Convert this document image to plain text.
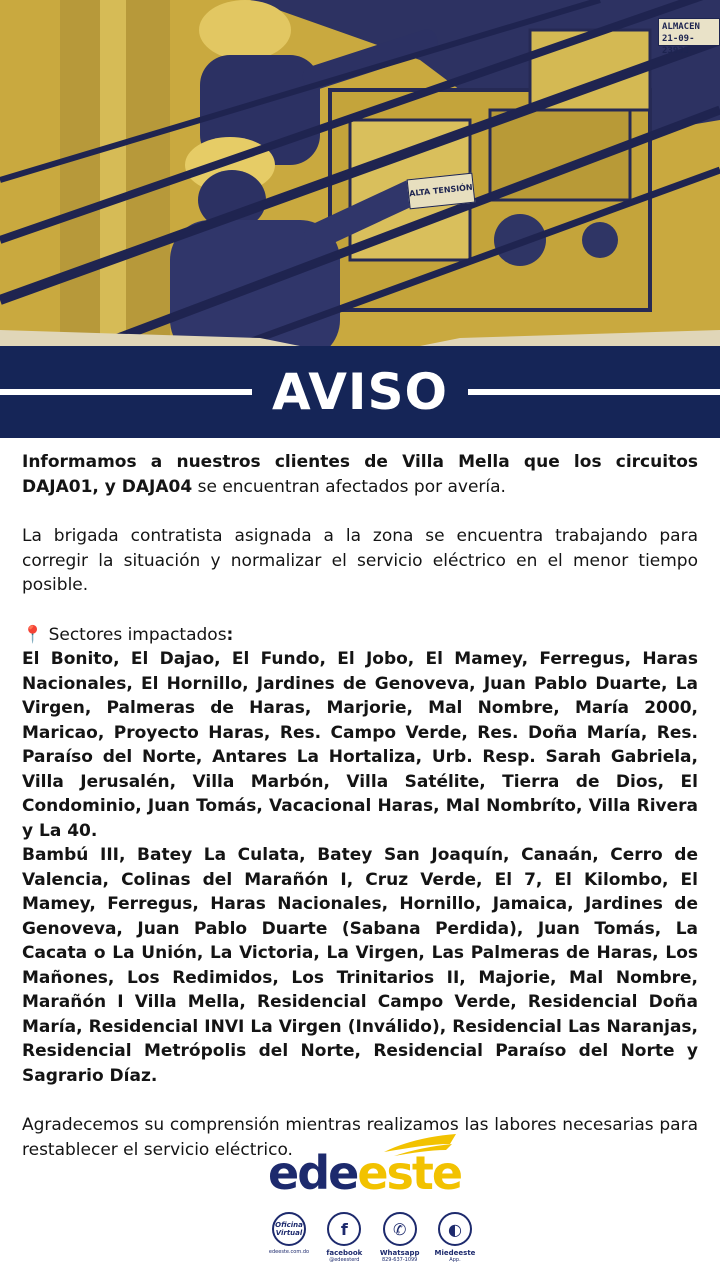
ALMACEN
21-09-23933
ALTA TENSIÓN
AVISO

Informamos a nuestros clientes de Villa Mella que los circuitos DAJA01, y DAJA04 se encuentran afectados por avería.

La brigada contratista asignada a la zona se encuentra trabajando para corregir la situación y normalizar el servicio eléctrico en el menor tiempo posible.

📍 Sectores impactados:

El Bonito, El Dajao, El Fundo, El Jobo, El Mamey, Ferregus, Haras Nacionales, El Hornillo, Jardines de Genoveva, Juan Pablo Duarte, La Virgen, Palmeras de Haras, Marjorie, Mal Nombre, María 2000, Maricao, Proyecto Haras, Res. Campo Verde, Res. Doña María, Res. Paraíso del Norte, Antares La Hortaliza, Urb. Resp. Sarah Gabriela, Villa Jerusalén, Villa Marbón, Villa Satélite, Tierra de Dios, El Condominio, Juan Tomás, Vacacional Haras, Mal Nombríto, Villa Rivera y La 40.

Bambú III, Batey La Culata, Batey San Joaquín, Canaán, Cerro de Valencia, Colinas del Marañón I, Cruz Verde, El 7, El Kilombo, El Mamey, Ferregus, Haras Nacionales, Hornillo, Jamaica, Jardines de Genoveva, Juan Pablo Duarte (Sabana Perdida), Juan Tomás, La Cacata o La Unión, La Victoria, La Virgen, Las Palmeras de Haras, Los Mañones, Los Redimidos, Los Trinitarios II, Majorie, Mal Nombre, Marañón I Villa Mella, Residencial Campo Verde, Residencial Doña María, Residencial INVI La Virgen (Inválido), Residencial Las Naranjas, Residencial Metrópolis del Norte, Residencial Paraíso del Norte y Sagrario Díaz.

Agradecemos su comprensión mientras realizamos las labores necesarias para restablecer el servicio eléctrico.

edeeste
Oficina Virtual
edeeste.com.do
f
facebook
@edeesterd
✆
Whatsapp
829-637-1099
◐
Miedeeste
App.
